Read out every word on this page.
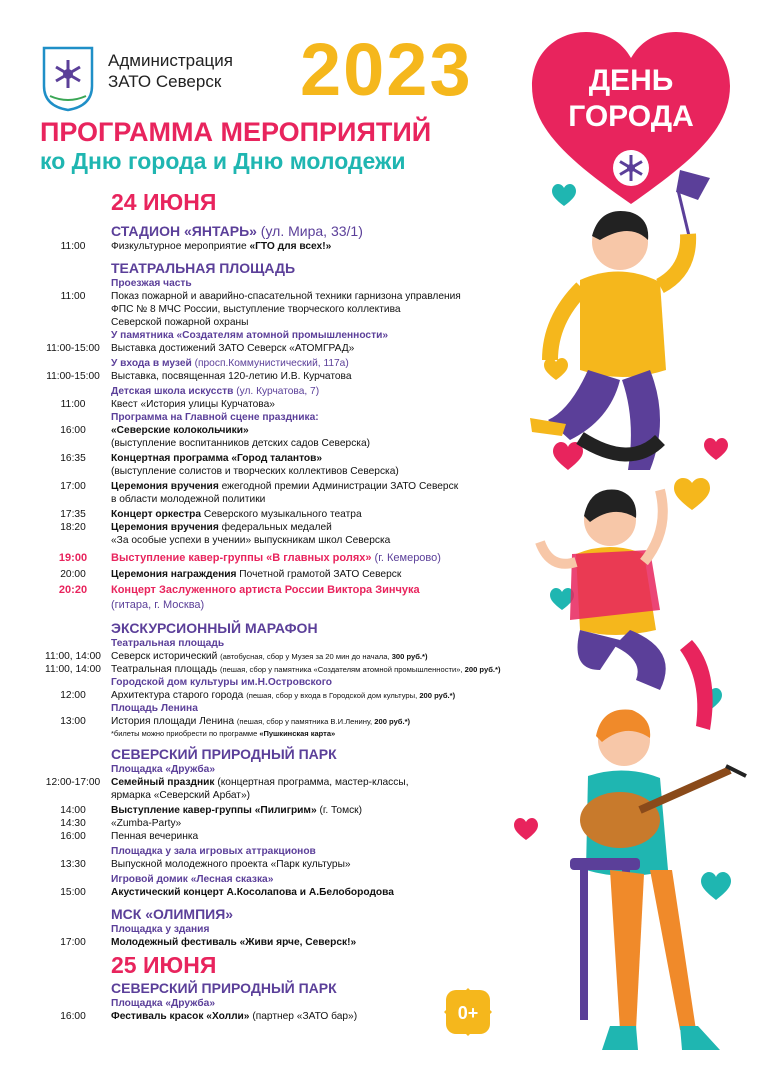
Администрация
ЗАТО Северск 2023
ПРОГРАММА МЕРОПРИЯТИЙ
ко Дню города и Дню молодежи
ДЕНЬ
ГОРОДА
24 ИЮНЯ
СТАДИОН «ЯНТАРЬ» (ул. Мира, 33/1)
11:00	Физкультурное мероприятие «ГТО для всех!»
ТЕАТРАЛЬНАЯ ПЛОЩАДЬ
Проезжая часть
11:00	Показ пожарной и аварийно-спасательной техники гарнизона управления
ФПС № 8 МЧС России, выступление творческого коллектива
Северской пожарной охраны
У памятника «Создателям атомной промышленности»
11:00-15:00	Выставка достижений ЗАТО Северск «АТОМГРАД»
У входа в музей (просп.Коммунистический, 117а)
11:00-15:00	Выставка, посвященная 120-летию И.В. Курчатова
Детская школа искусств (ул. Курчатова, 7)
11:00	Квест «История улицы Курчатова»
Программа на Главной сцене праздника:
16:00	«Северские колокольчики»
(выступление воспитанников детских садов Северска)
16:35	Концертная программа «Город талантов»
(выступление солистов и творческих коллективов Северска)
17:00	Церемония вручения ежегодной премии Администрации ЗАТО Северск
в области молодежной политики
17:35	Концерт оркестра Северского музыкального театра
18:20	Церемония вручения федеральных медалей
«За особые успехи в учении» выпускникам школ Северска
19:00	Выступление кавер-группы «В главных ролях» (г. Кемерово)
20:00	Церемония награждения Почетной грамотой ЗАТО Северск
20:20	Концерт Заслуженного артиста России Виктора Зинчука
(гитара, г. Москва)
ЭКСКУРСИОННЫЙ МАРАФОН
Театральная площадь
11:00, 14:00 Северск исторический (автобусная, сбор у Музея за 20 мин до начала, 300 руб.*)
11:00, 14:00 Театральная площадь (пешая, сбор у памятника «Создателям атомной промышленности», 200 руб.*)
Городской дом культуры им.Н.Островского
12:00	Архитектура старого города (пешая, сбор у входа в Городской дом культуры, 200 руб.*)
Площадь Ленина
13:00	История площади Ленина (пешая, сбор у памятника В.И.Ленину, 200 руб.*)
*билеты можно приобрести по программе «Пушкинская карта»
СЕВЕРСКИЙ ПРИРОДНЫЙ ПАРК
Площадка «Дружба»
12:00-17:00	Семейный праздник (концертная программа, мастер-классы,
ярмарка «Северский Арбат»)
14:00	Выступление кавер-группы «Пилигрим» (г. Томск)
14:30	«Zumba-Party»
16:00	Пенная вечеринка
Площадка у зала игровых аттракционов
13:30	Выпускной молодежного проекта «Парк культуры»
Игровой домик «Лесная сказка»
15:00	Акустический концерт А.Косолапова и А.Белобородова
МСК «ОЛИМПИЯ»
Площадка у здания
17:00	Молодежный фестиваль «Живи ярче, Северск!»
25 ИЮНЯ
СЕВЕРСКИЙ ПРИРОДНЫЙ ПАРК
Площадка «Дружба»
16:00	Фестиваль красок «Холли» (партнер «ЗАТО бар»)	0+
